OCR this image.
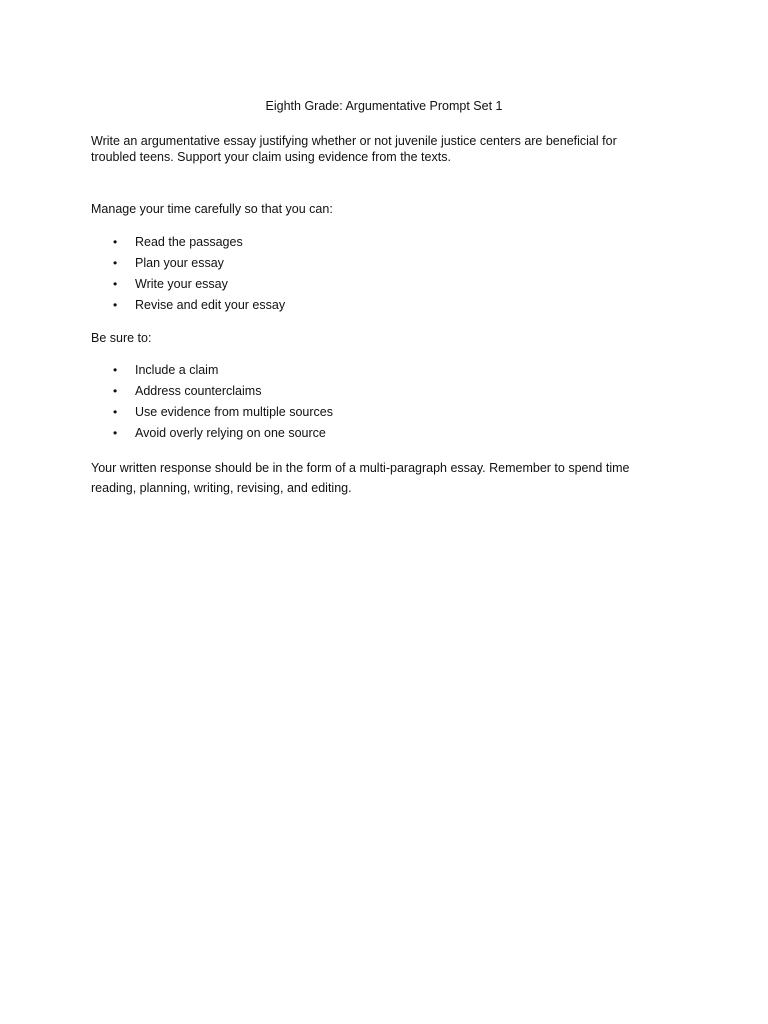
Eighth Grade: Argumentative Prompt Set 1

Write an argumentative essay justifying whether or not juvenile justice centers are beneficial for troubled teens. Support your claim using evidence from the texts.

Manage your time carefully so that you can:

• Read the passages
• Plan your essay
• Write your essay
• Revise and edit your essay

Be sure to:

• Include a claim
• Address counterclaims
• Use evidence from multiple sources
• Avoid overly relying on one source

Your written response should be in the form of a multi-paragraph essay. Remember to spend time reading, planning, writing, revising, and editing.
